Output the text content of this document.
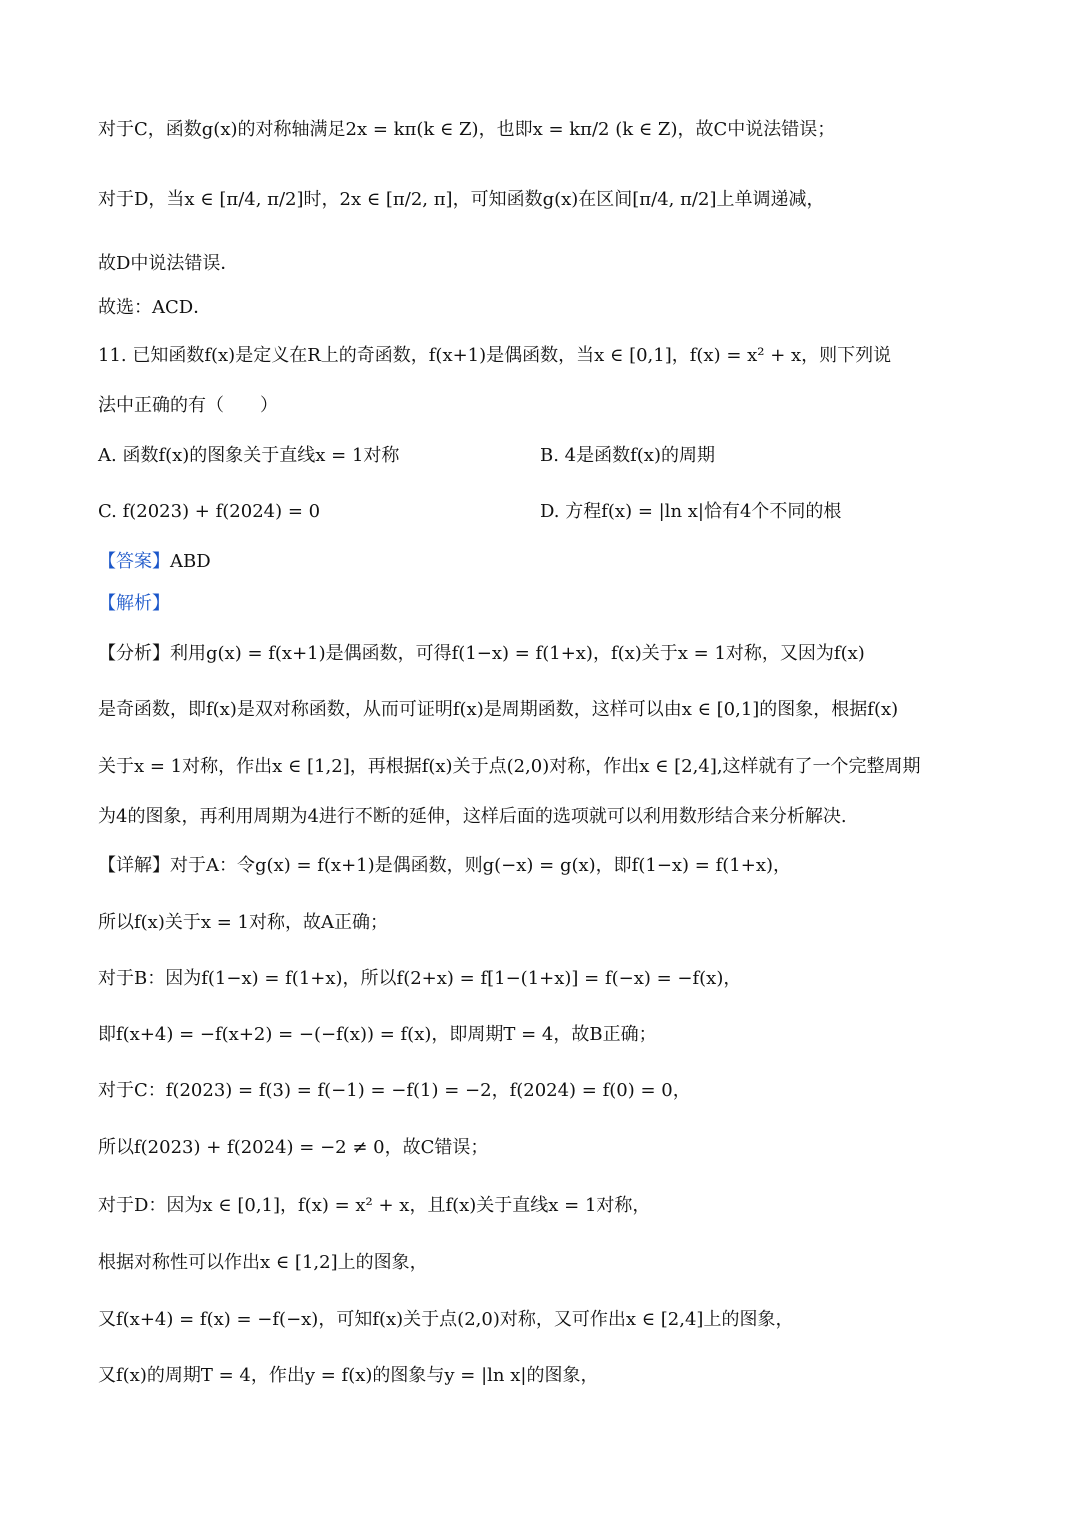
对于C，函数g(x)的对称轴满足2x = kπ(k ∈ Z)，也即x = kπ/2 (k ∈ Z)，故C中说法错误；
对于D，当x ∈ [π/4, π/2]时，2x ∈ [π/2, π]，可知函数g(x)在区间[π/4, π/2]上单调递减，
故D中说法错误．
故选：ACD．
11. 已知函数f(x)是定义在R上的奇函数，f(x+1)是偶函数，当x ∈ [0,1]，f(x) = x² + x，则下列说
法中正确的有（　　）
A. 函数f(x)的图象关于直线x = 1对称	B. 4是函数f(x)的周期
C. f(2023) + f(2024) = 0	D. 方程f(x) = |ln x|恰有4个不同的根
【答案】ABD
【解析】
【分析】利用g(x) = f(x+1)是偶函数，可得f(1−x) = f(1+x)，f(x)关于x = 1对称，又因为f(x)
是奇函数，即f(x)是双对称函数，从而可证明f(x)是周期函数，这样可以由x ∈ [0,1]的图象，根据f(x)
关于x = 1对称，作出x ∈ [1,2]，再根据f(x)关于点(2,0)对称，作出x ∈ [2,4],这样就有了一个完整周期
为4的图象，再利用周期为4进行不断的延伸，这样后面的选项就可以利用数形结合来分析解决.
【详解】对于A：令g(x) = f(x+1)是偶函数，则g(−x) = g(x)，即f(1−x) = f(1+x)，
所以f(x)关于x = 1对称，故A正确；
对于B：因为f(1−x) = f(1+x)，所以f(2+x) = f[1−(1+x)] = f(−x) = −f(x)，
即f(x+4) = −f(x+2) = −(−f(x)) = f(x)，即周期T = 4，故B正确；
对于C：f(2023) = f(3) = f(−1) = −f(1) = −2，f(2024) = f(0) = 0，
所以f(2023) + f(2024) = −2 ≠ 0，故C错误；
对于D：因为x ∈ [0,1]，f(x) = x² + x，且f(x)关于直线x = 1对称，
根据对称性可以作出x ∈ [1,2]上的图象，
又f(x+4) = f(x) = −f(−x)，可知f(x)关于点(2,0)对称，又可作出x ∈ [2,4]上的图象，
又f(x)的周期T = 4，作出y = f(x)的图象与y = |ln x|的图象，
